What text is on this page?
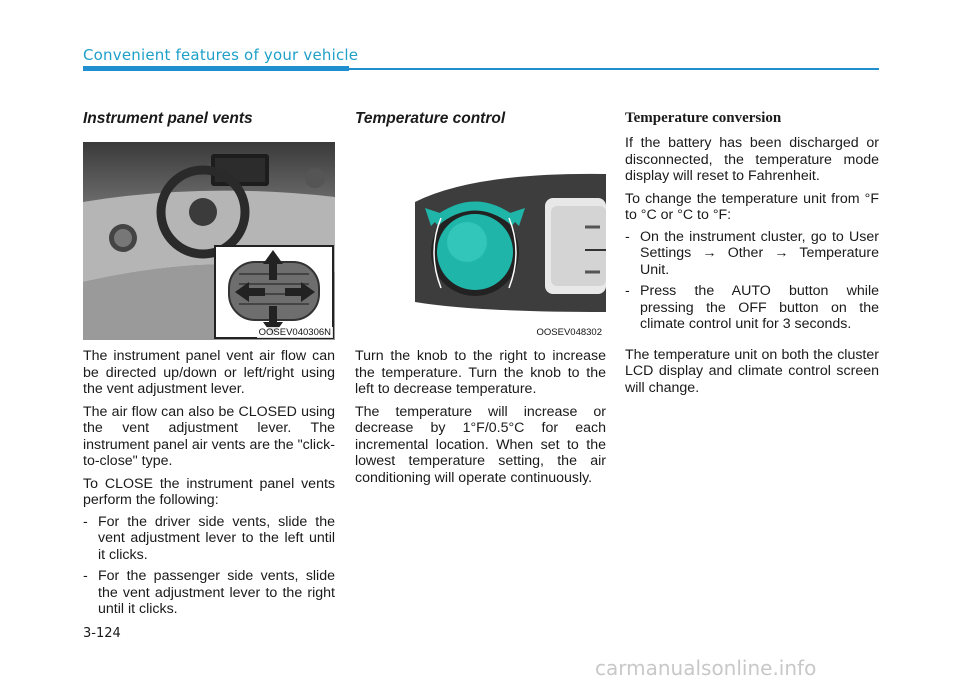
Convenient features of your vehicle
Instrument panel vents
OOSEV040306N

The instrument panel vent air flow can be directed up/down or left/right using the vent adjustment lever.

The air flow can also be CLOSED using the vent adjustment lever. The instrument panel air vents are the "click-to-close" type.

To CLOSE the instrument panel vents perform the following:

- For the driver side vents, slide the vent adjustment lever to the left until it clicks.
- For the passenger side vents, slide the vent adjustment lever to the right until it clicks.
Temperature control
OOSEV048302

Turn the knob to the right to increase the temperature. Turn the knob to the left to decrease temperature.

The temperature will increase or decrease by 1°F/0.5°C for each incremental location. When set to the lowest temperature setting, the air conditioning will operate continuously.

Temperature conversion

If the battery has been discharged or disconnected, the temperature mode display will reset to Fahrenheit.

To change the temperature unit from °F to °C or °C to °F:

- On the instrument cluster, go to User Settings → Other → Temperature Unit.
- Press the AUTO button while pressing the OFF button on the climate control unit for 3 seconds.

The temperature unit on both the cluster LCD display and climate control screen will change.

3-124
carmanualsonline.info
